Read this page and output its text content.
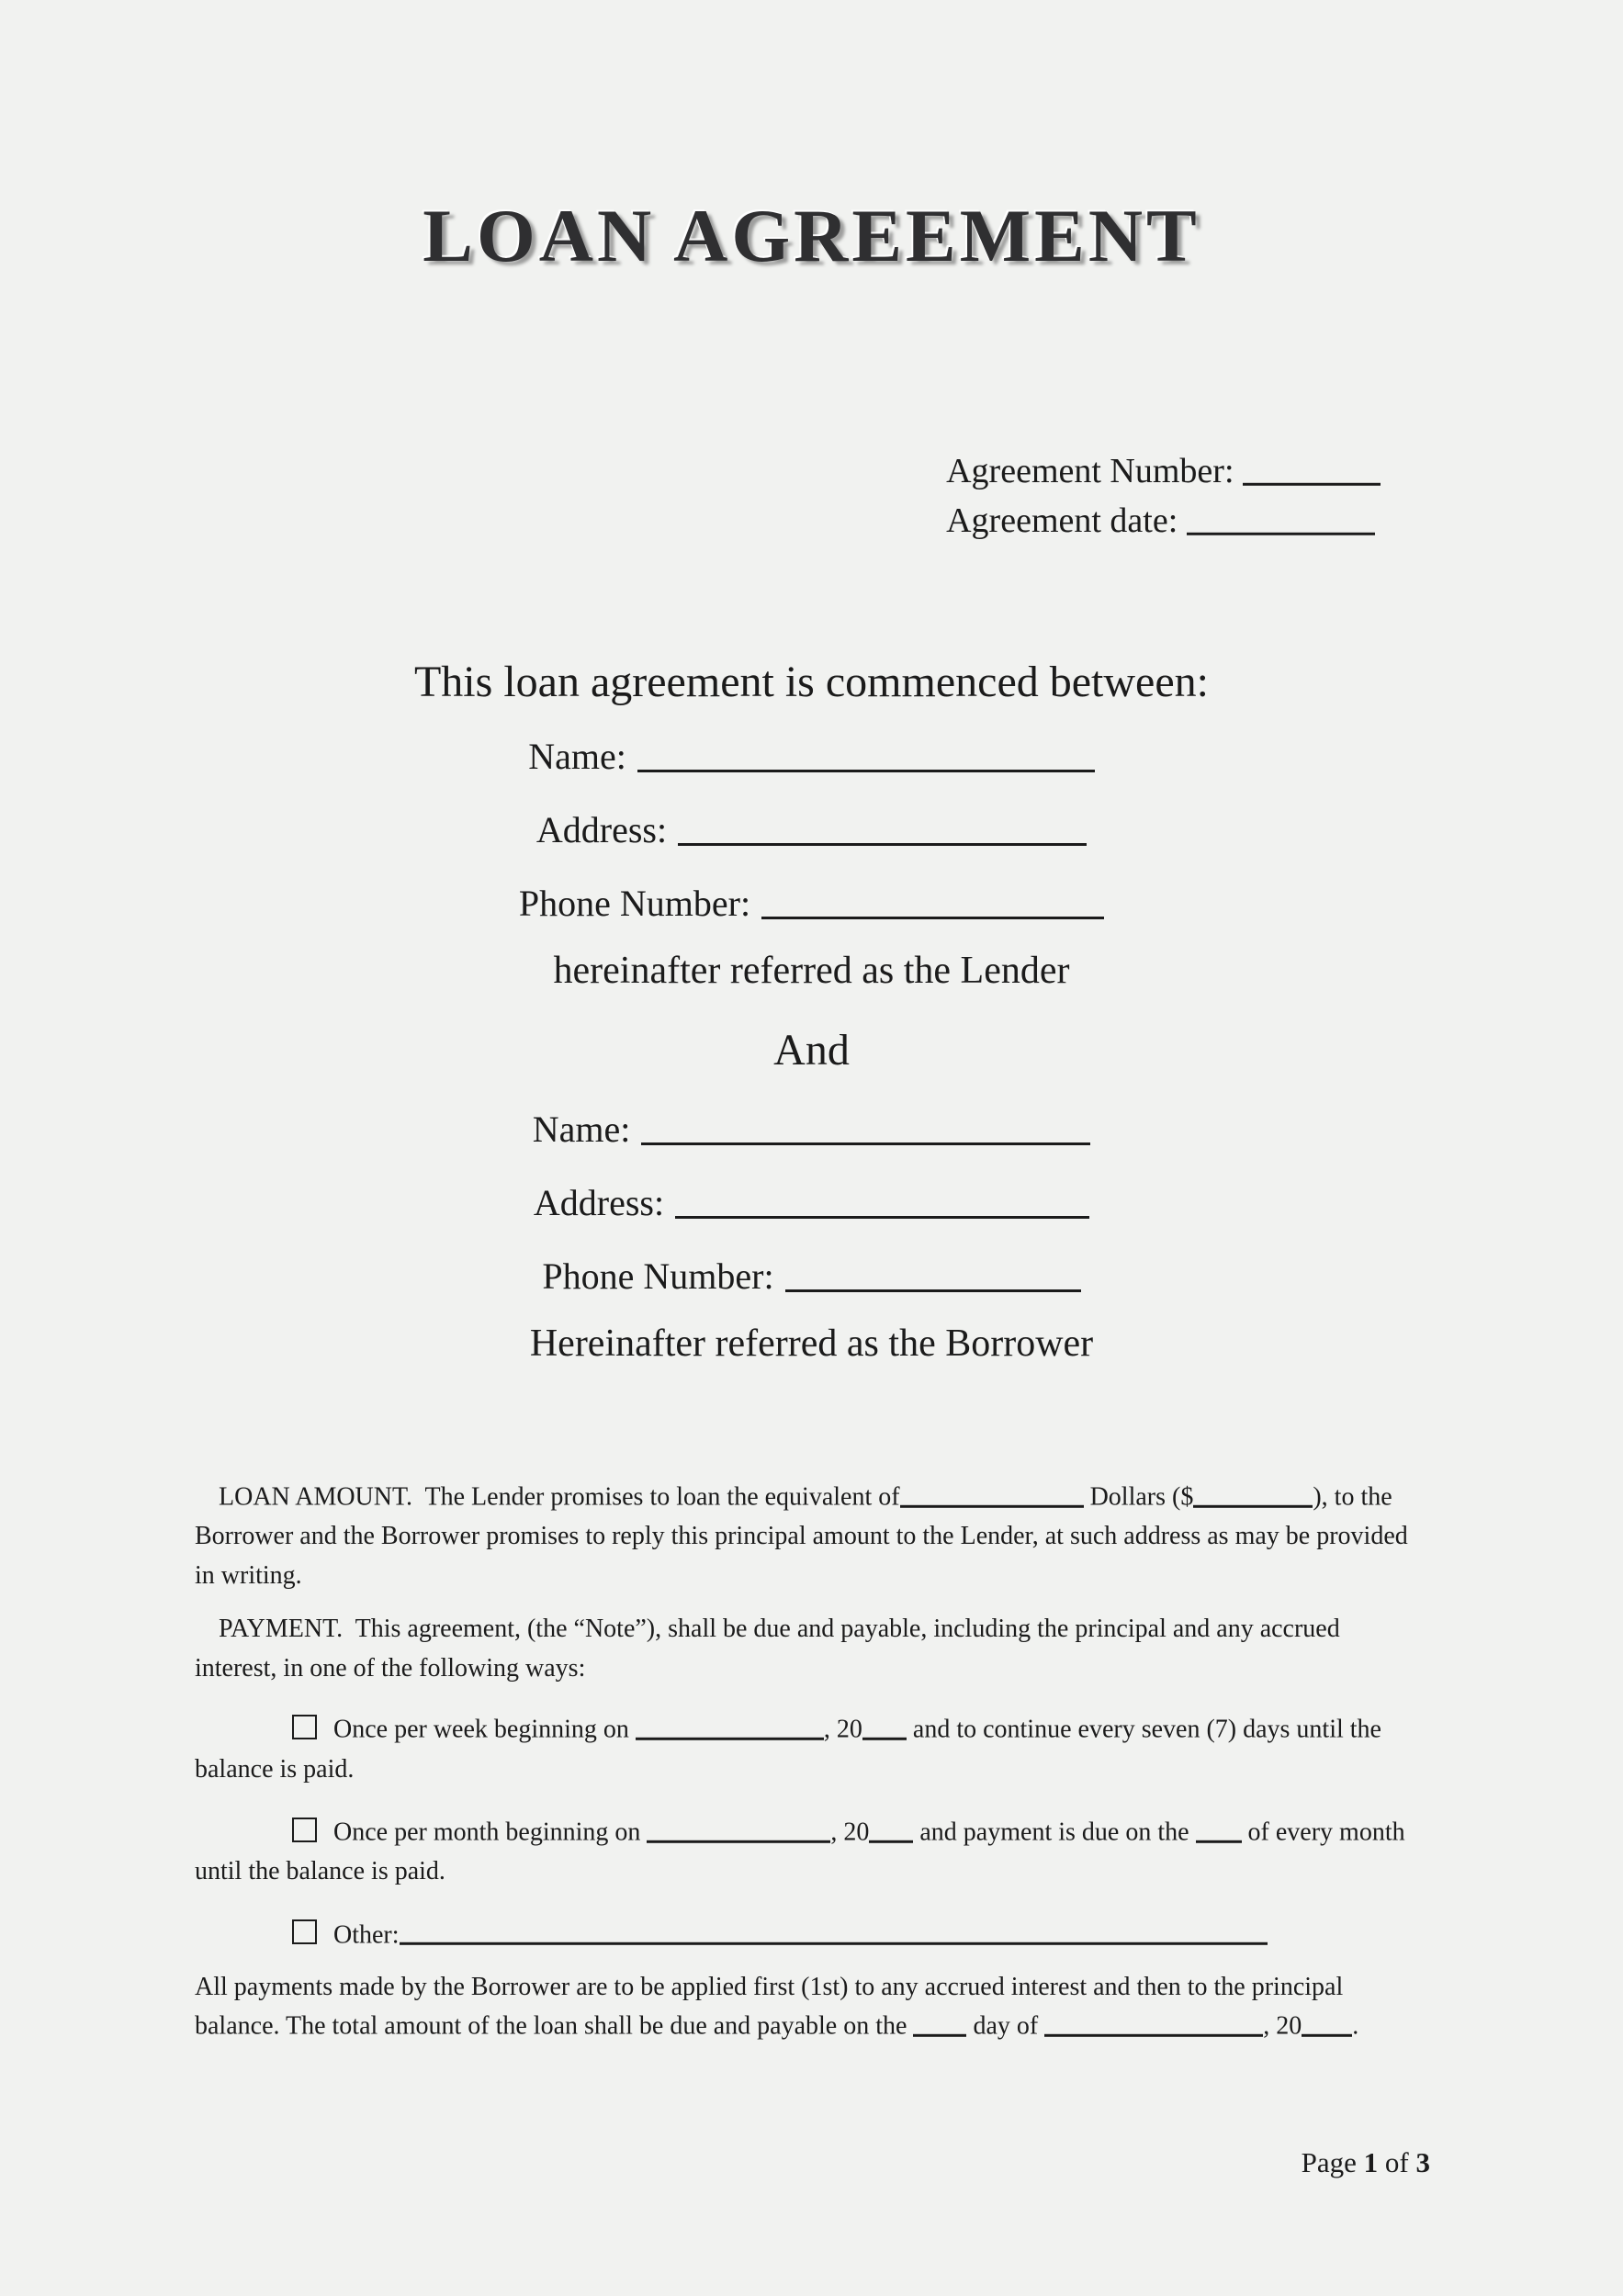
LOAN AGREEMENT
Agreement Number:
Agreement date:
This loan agreement is commenced between:
Name:
Address:
Phone Number:
hereinafter referred as the Lender
And
Name:
Address:
Phone Number:
Hereinafter referred as the Borrower

LOAN AMOUNT.  The Lender promises to loan the equivalent of	Dollars ($	), to the Borrower and the Borrower promises to reply this principal amount to the Lender, at such address as may be provided in writing.

PAYMENT.  This agreement, (the “Note”), shall be due and payable, including the principal and any accrued interest, in one of the following ways:

Once per week beginning on	, 20 and to continue every seven (7) days until the balance is paid.

Once per month beginning on	, 20 and payment is due on the  of every month until the balance is paid.

Other:

All payments made by the Borrower are to be applied first (1st) to any accrued interest and then to the principal balance. The total amount of the loan shall be due and payable on the  day of	, 20 .

Page 1 of 3
